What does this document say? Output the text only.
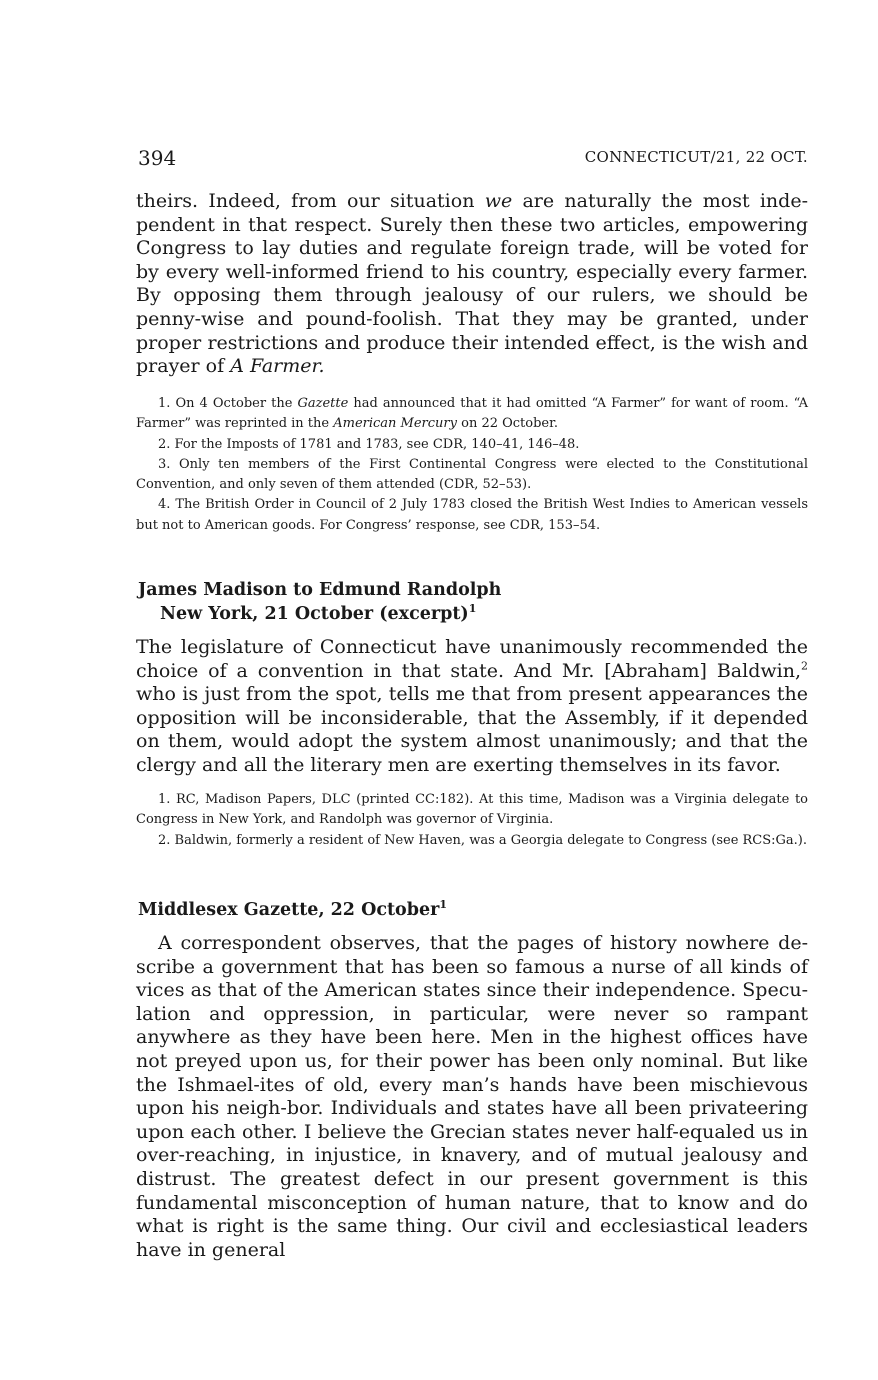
394	CONNECTICUT/21, 22 OCT.

theirs. Indeed, from our situation we are naturally the most inde-pendent in that respect. Surely then these two articles, empowering Congress to lay duties and regulate foreign trade, will be voted for by every well-informed friend to his country, especially every farmer. By opposing them through jealousy of our rulers, we should be penny-wise and pound-foolish. That they may be granted, under proper restrictions and produce their intended effect, is the wish and prayer of A Farmer.

1. On 4 October the Gazette had announced that it had omitted “A Farmer” for want of room. “A Farmer” was reprinted in the American Mercury on 22 October.

2. For the Imposts of 1781 and 1783, see CDR, 140–41, 146–48.

3. Only ten members of the First Continental Congress were elected to the Constitutional Convention, and only seven of them attended (CDR, 52–53).

4. The British Order in Council of 2 July 1783 closed the British West Indies to American vessels but not to American goods. For Congress’ response, see CDR, 153–54.

James Madison to Edmund Randolph
New York, 21 October (excerpt)$^1$

The legislature of Connecticut have unanimously recommended the choice of a convention in that state. And Mr. [Abraham] Baldwin,$^2$ who is just from the spot, tells me that from present appearances the opposition will be inconsiderable, that the Assembly, if it depended on them, would adopt the system almost unanimously; and that the clergy and all the literary men are exerting themselves in its favor.

1. RC, Madison Papers, DLC (printed CC:182). At this time, Madison was a Virginia delegate to Congress in New York, and Randolph was governor of Virginia.

2. Baldwin, formerly a resident of New Haven, was a Georgia delegate to Congress (see RCS:Ga.).

Middlesex Gazette, 22 October$^1$

A correspondent observes, that the pages of history nowhere de-scribe a government that has been so famous a nurse of all kinds of vices as that of the American states since their independence. Specu-lation and oppression, in particular, were never so rampant anywhere as they have been here. Men in the highest offices have not preyed upon us, for their power has been only nominal. But like the Ishmael-ites of old, every man’s hands have been mischievous upon his neigh-bor. Individuals and states have all been privateering upon each other. I believe the Grecian states never half-equaled us in over-reaching, in injustice, in knavery, and of mutual jealousy and distrust. The greatest defect in our present government is this fundamental misconception of human nature, that to know and do what is right is the same thing. Our civil and ecclesiastical leaders have in general
